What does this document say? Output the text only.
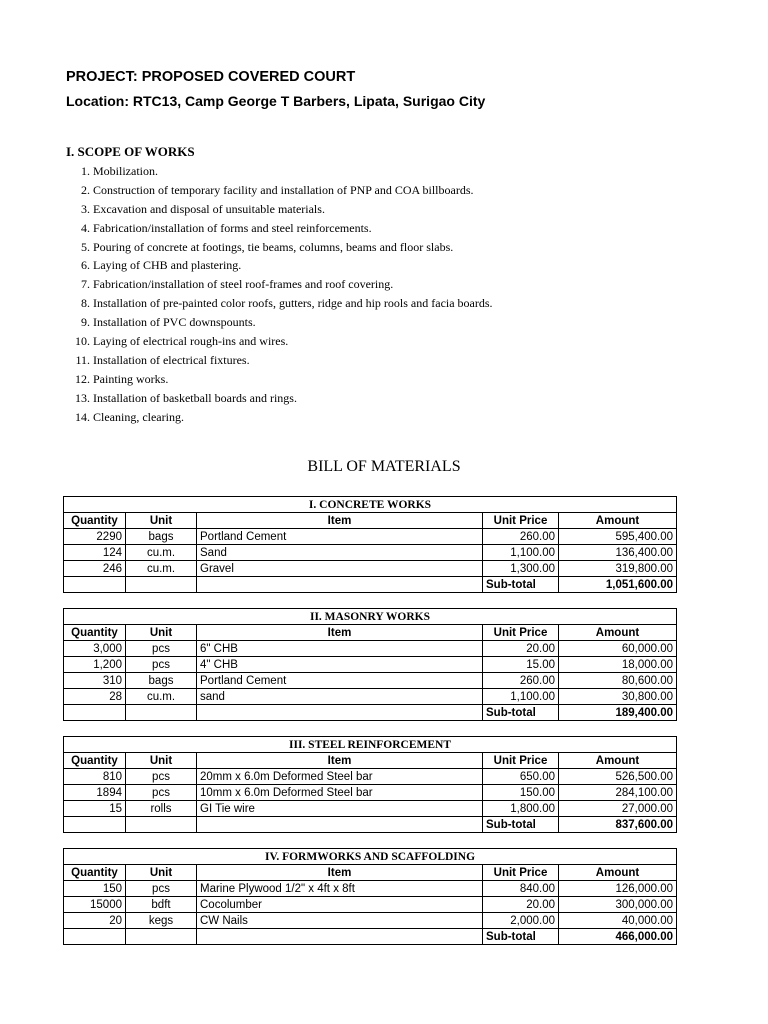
PROJECT: PROPOSED COVERED COURT
Location: RTC13, Camp George T Barbers, Lipata, Surigao City
I. SCOPE OF WORKS
1. Mobilization.
2. Construction of temporary facility and installation of PNP and COA billboards.
3. Excavation and disposal of unsuitable materials.
4. Fabrication/installation of forms and steel reinforcements.
5. Pouring of concrete at footings, tie beams, columns, beams and floor slabs.
6. Laying of CHB and plastering.
7. Fabrication/installation of steel roof-frames and roof covering.
8. Installation of pre-painted color roofs, gutters, ridge and hip rools and facia boards.
9. Installation of PVC downspounts.
10. Laying of electrical rough-ins and wires.
11. Installation of electrical fixtures.
12. Painting works.
13. Installation of basketball boards and rings.
14. Cleaning, clearing.
BILL OF MATERIALS
I. CONCRETE WORKS				
Quantity	Unit	Item	Unit Price	Amount
2290	bags	Portland Cement	260.00	595,400.00
124	cu.m.	Sand	1,100.00	136,400.00
246	cu.m.	Gravel	1,300.00	319,800.00
			Sub-total	1,051,600.00
II. MASONRY WORKS				
Quantity	Unit	Item	Unit Price	Amount
3,000	pcs	6" CHB	20.00	60,000.00
1,200	pcs	4" CHB	15.00	18,000.00
310	bags	Portland Cement	260.00	80,600.00
28	cu.m.	sand	1,100.00	30,800.00
			Sub-total	189,400.00
III. STEEL REINFORCEMENT				
Quantity	Unit	Item	Unit Price	Amount
810	pcs	20mm x 6.0m Deformed Steel bar	650.00	526,500.00
1894	pcs	10mm x 6.0m Deformed Steel bar	150.00	284,100.00
15	rolls	GI Tie wire	1,800.00	27,000.00
			Sub-total	837,600.00
IV. FORMWORKS AND SCAFFOLDING				
Quantity	Unit	Item	Unit Price	Amount
150	pcs	Marine Plywood 1/2" x 4ft x 8ft	840.00	126,000.00
15000	bdft	Cocolumber	20.00	300,000.00
20	kegs	CW Nails	2,000.00	40,000.00
			Sub-total	466,000.00
